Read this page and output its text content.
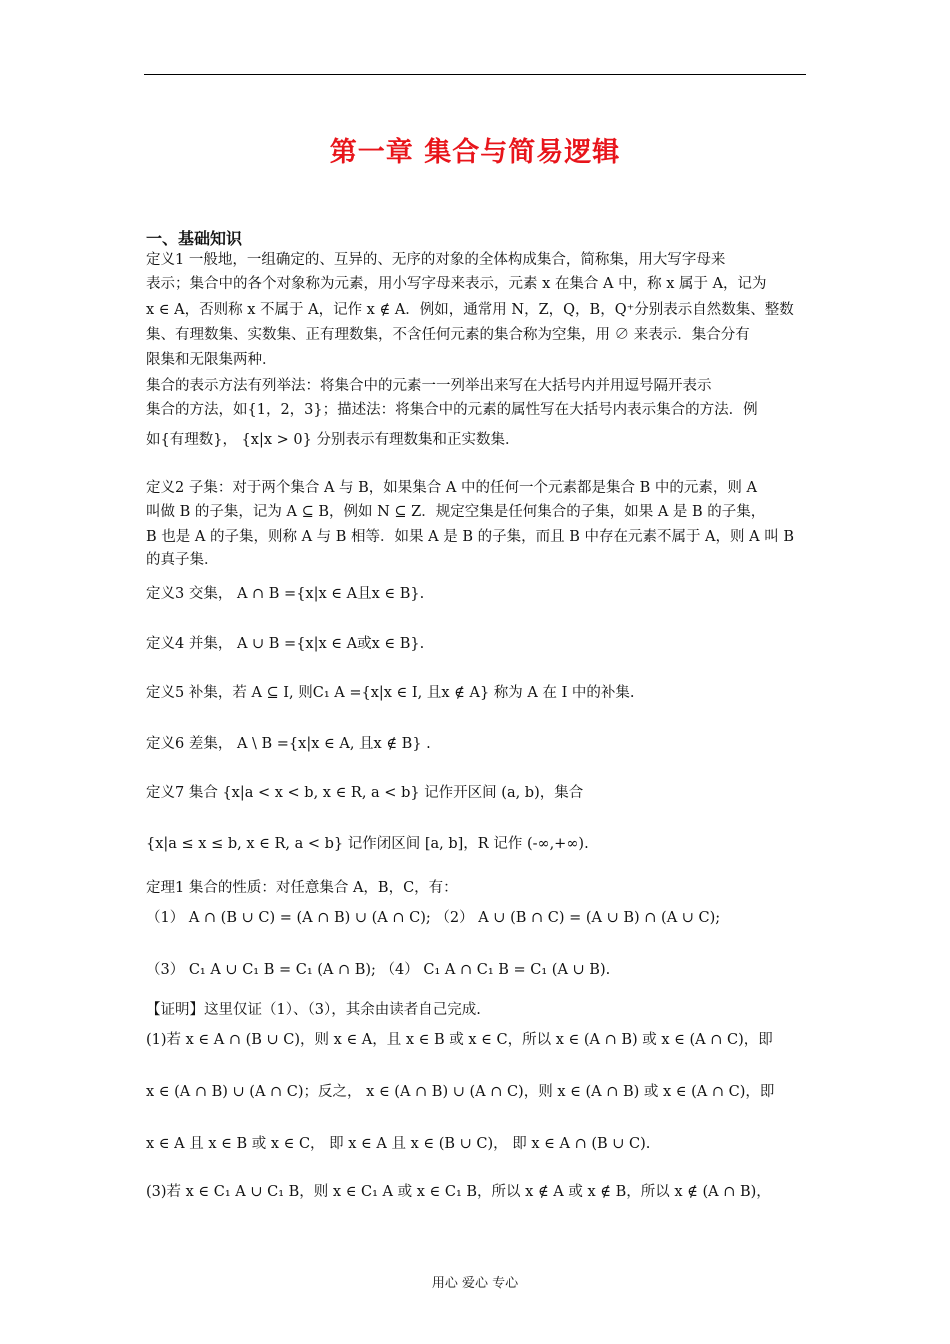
第一章 集合与简易逻辑
一、基础知识
定义1 一般地，一组确定的、互异的、无序的对象的全体构成集合，简称集，用大写字母来
表示；集合中的各个对象称为元素，用小写字母来表示，元素 x 在集合 A 中，称 x 属于 A，记为
x ∈ A，否则称 x 不属于 A，记作 x ∉ A．例如，通常用 N，Z，Q，B，Q⁺分别表示自然数集、整数
集、有理数集、实数集、正有理数集，不含任何元素的集合称为空集，用 ∅ 来表示．集合分有
限集和无限集两种．
集合的表示方法有列举法：将集合中的元素一一列举出来写在大括号内并用逗号隔开表示
集合的方法，如{1，2，3}；描述法：将集合中的元素的属性写在大括号内表示集合的方法．例
如{有理数}， {x|x > 0} 分别表示有理数集和正实数集．
定义2 子集：对于两个集合 A 与 B，如果集合 A 中的任何一个元素都是集合 B 中的元素，则 A
叫做 B 的子集，记为 A ⊆ B，例如 N ⊆ Z．规定空集是任何集合的子集，如果 A 是 B 的子集，
B 也是 A 的子集，则称 A 与 B 相等．如果 A 是 B 的子集，而且 B 中存在元素不属于 A，则 A 叫 B
的真子集．
定义3 交集， A ∩ B ={x|x ∈ A且x ∈ B}.
定义4 并集， A ∪ B ={x|x ∈ A或x ∈ B}.
定义5 补集，若 A ⊆ I, 则C₁ A ={x|x ∈ I, 且x ∉ A} 称为 A 在 I 中的补集.
定义6 差集， A \ B ={x|x ∈ A, 且x ∉ B} .
定义7 集合 {x|a < x < b, x ∈ R, a < b} 记作开区间 (a, b)，集合
{x|a ≤ x ≤ b, x ∈ R, a < b} 记作闭区间 [a, b]，R 记作 (-∞,+∞).
定理1 集合的性质：对任意集合 A，B，C，有：
（1） A ∩ (B ∪ C) = (A ∩ B) ∪ (A ∩ C); （2） A ∪ (B ∩ C) = (A ∪ B) ∩ (A ∪ C);
（3） C₁ A ∪ C₁ B = C₁ (A ∩ B); （4） C₁ A ∩ C₁ B = C₁ (A ∪ B).
【证明】这里仅证（1）、（3），其余由读者自己完成.
(1)若 x ∈ A ∩ (B ∪ C)，则 x ∈ A，且 x ∈ B 或 x ∈ C，所以 x ∈ (A ∩ B) 或 x ∈ (A ∩ C)，即
x ∈ (A ∩ B) ∪ (A ∩ C)；反之， x ∈ (A ∩ B) ∪ (A ∩ C)，则 x ∈ (A ∩ B) 或 x ∈ (A ∩ C)，即
x ∈ A 且 x ∈ B 或 x ∈ C， 即 x ∈ A 且 x ∈ (B ∪ C)， 即 x ∈ A ∩ (B ∪ C).
(3)若 x ∈ C₁ A ∪ C₁ B，则 x ∈ C₁ A 或 x ∈ C₁ B，所以 x ∉ A 或 x ∉ B，所以 x ∉ (A ∩ B)，
用心 爱心 专心
